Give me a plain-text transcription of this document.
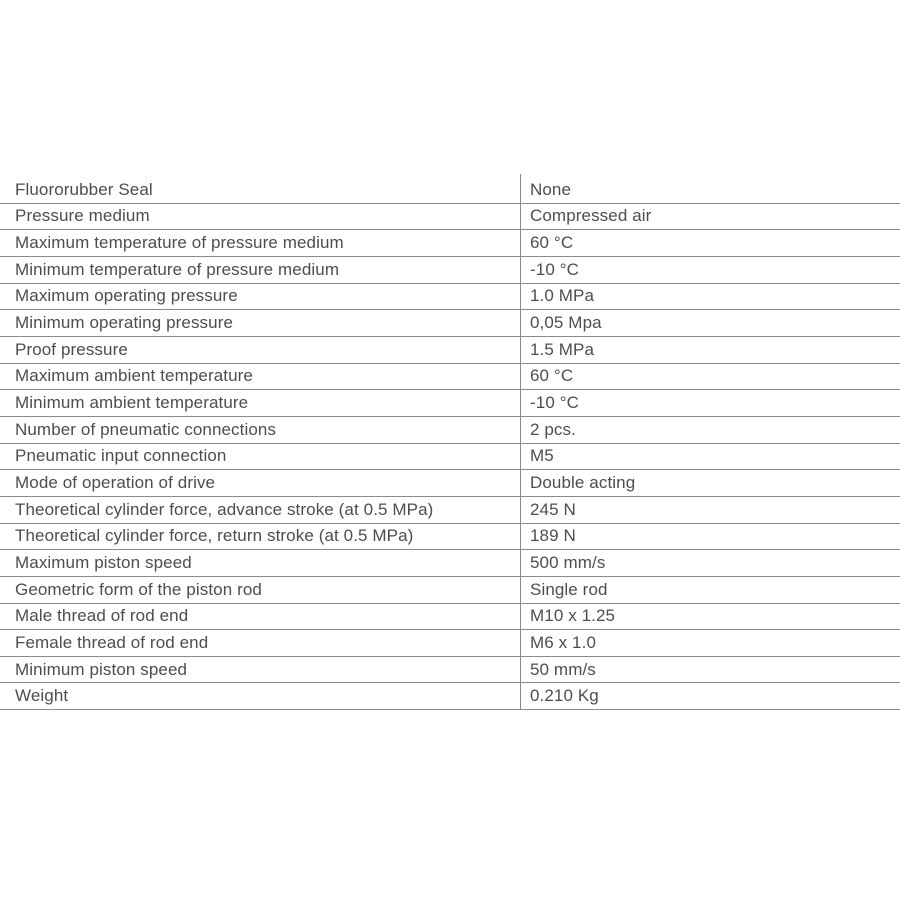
Fluororubber Seal	None
Pressure medium	Compressed air
Maximum temperature of pressure medium	60 °C
Minimum temperature of pressure medium	-10 °C
Maximum operating pressure	1.0 MPa
Minimum operating pressure	0,05 Mpa
Proof pressure	1.5 MPa
Maximum ambient temperature	60 °C
Minimum ambient temperature	-10 °C
Number of pneumatic connections	2 pcs.
Pneumatic input connection	M5
Mode of operation of drive	Double acting
Theoretical cylinder force, advance stroke (at 0.5 MPa)	245 N
Theoretical cylinder force, return stroke (at 0.5 MPa)	189 N
Maximum piston speed	500 mm/s
Geometric form of the piston rod	Single rod
Male thread of rod end	M10 x 1.25
Female thread of rod end	M6 x 1.0
Minimum piston speed	50 mm/s
Weight	0.210 Kg
